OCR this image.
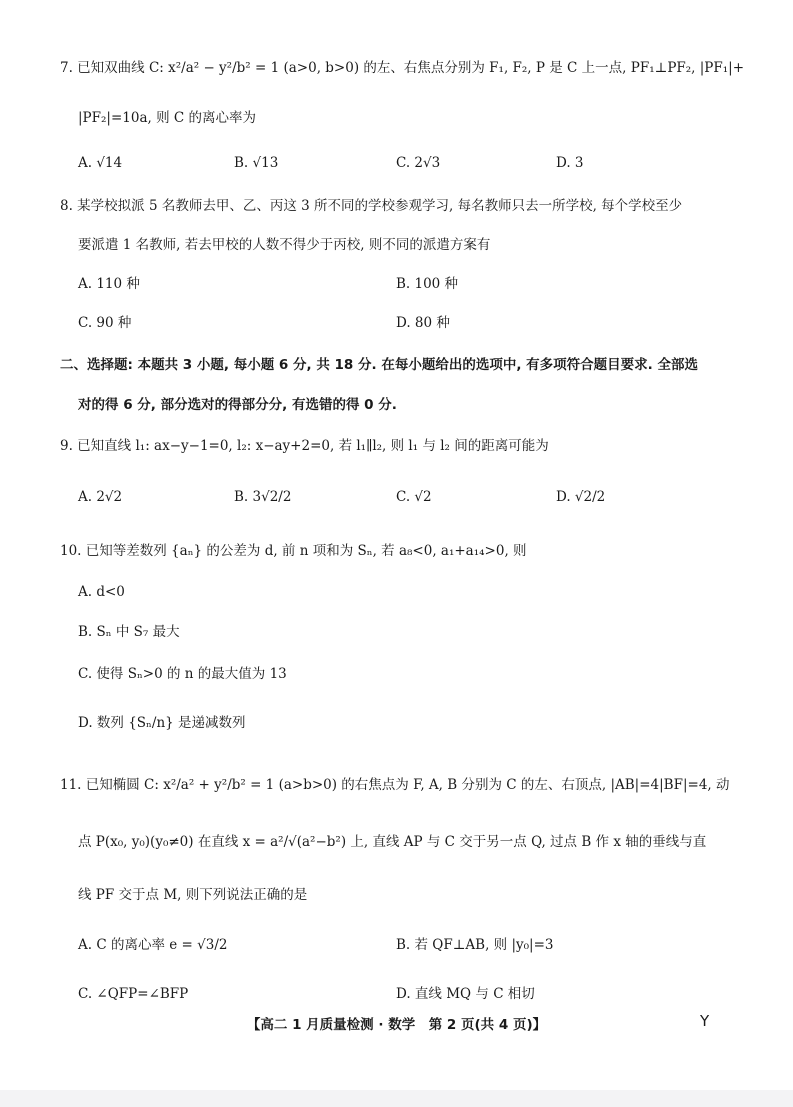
7. 已知双曲线 C: x²/a² − y²/b² = 1 (a>0, b>0) 的左、右焦点分别为 F₁, F₂, P 是 C 上一点, PF₁⊥PF₂, |PF₁|+
|PF₂|=10a, 则 C 的离心率为
A. √14	B. √13	C. 2√3	D. 3
8. 某学校拟派 5 名教师去甲、乙、丙这 3 所不同的学校参观学习, 每名教师只去一所学校, 每个学校至少
要派遣 1 名教师, 若去甲校的人数不得少于丙校, 则不同的派遣方案有
A. 110 种	B. 100 种
C. 90 种	D. 80 种
二、选择题: 本题共 3 小题, 每小题 6 分, 共 18 分. 在每小题给出的选项中, 有多项符合题目要求. 全部选
对的得 6 分, 部分选对的得部分分, 有选错的得 0 分.
9. 已知直线 l₁: ax−y−1=0, l₂: x−ay+2=0, 若 l₁∥l₂, 则 l₁ 与 l₂ 间的距离可能为
A. 2√2	B. 3√2/2	C. √2	D. √2/2
10. 已知等差数列 {aₙ} 的公差为 d, 前 n 项和为 Sₙ, 若 a₈<0, a₁+a₁₄>0, 则
A. d<0
B. Sₙ 中 S₇ 最大
C. 使得 Sₙ>0 的 n 的最大值为 13
D. 数列 {Sₙ/n} 是递减数列
11. 已知椭圆 C: x²/a² + y²/b² = 1 (a>b>0) 的右焦点为 F, A, B 分别为 C 的左、右顶点, |AB|=4|BF|=4, 动
点 P(x₀, y₀)(y₀≠0) 在直线 x = a²/√(a²−b²) 上, 直线 AP 与 C 交于另一点 Q, 过点 B 作 x 轴的垂线与直
线 PF 交于点 M, 则下列说法正确的是
A. C 的离心率 e = √3/2	B. 若 QF⊥AB, 则 |y₀|=3
C. ∠QFP=∠BFP	D. 直线 MQ 与 C 相切
【高二 1 月质量检测 · 数学　第 2 页(共 4 页)】	Y
